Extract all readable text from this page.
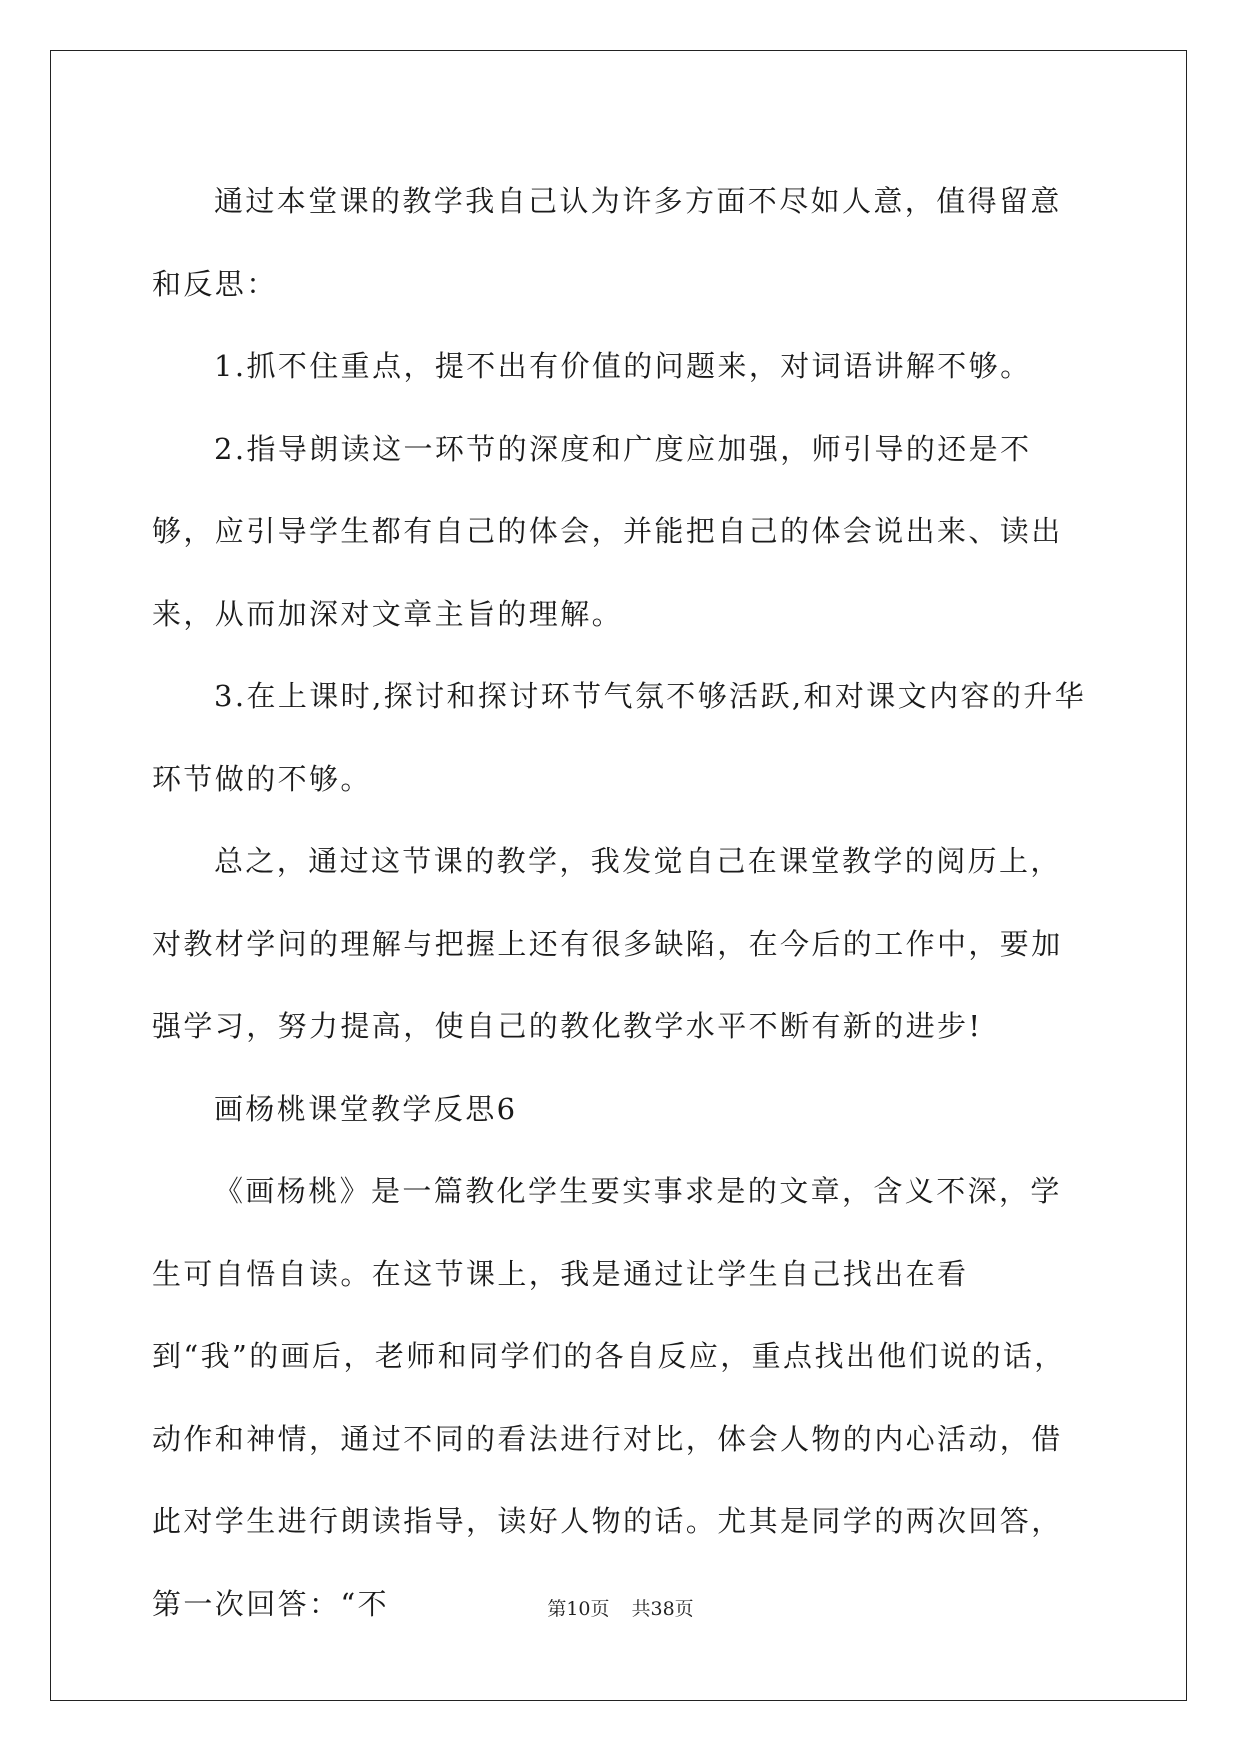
通过本堂课的教学我自己认为许多方面不尽如人意，值得留意和反思：

1.抓不住重点，提不出有价值的问题来，对词语讲解不够。

2.指导朗读这一环节的深度和广度应加强，师引导的还是不够，应引导学生都有自己的体会，并能把自己的体会说出来、读出来，从而加深对文章主旨的理解。

3.在上课时,探讨和探讨环节气氛不够活跃,和对课文内容的升华环节做的不够。

总之，通过这节课的教学，我发觉自己在课堂教学的阅历上，对教材学问的理解与把握上还有很多缺陷，在今后的工作中，要加强学习，努力提高，使自己的教化教学水平不断有新的进步!

画杨桃课堂教学反思6

《画杨桃》是一篇教化学生要实事求是的文章，含义不深，学生可自悟自读。在这节课上，我是通过让学生自己找出在看到“我”的画后，老师和同学们的各自反应，重点找出他们说的话，动作和神情，通过不同的看法进行对比，体会人物的内心活动，借此对学生进行朗读指导，读好人物的话。尤其是同学的两次回答，第一次回答：“不	第10页 共38页
